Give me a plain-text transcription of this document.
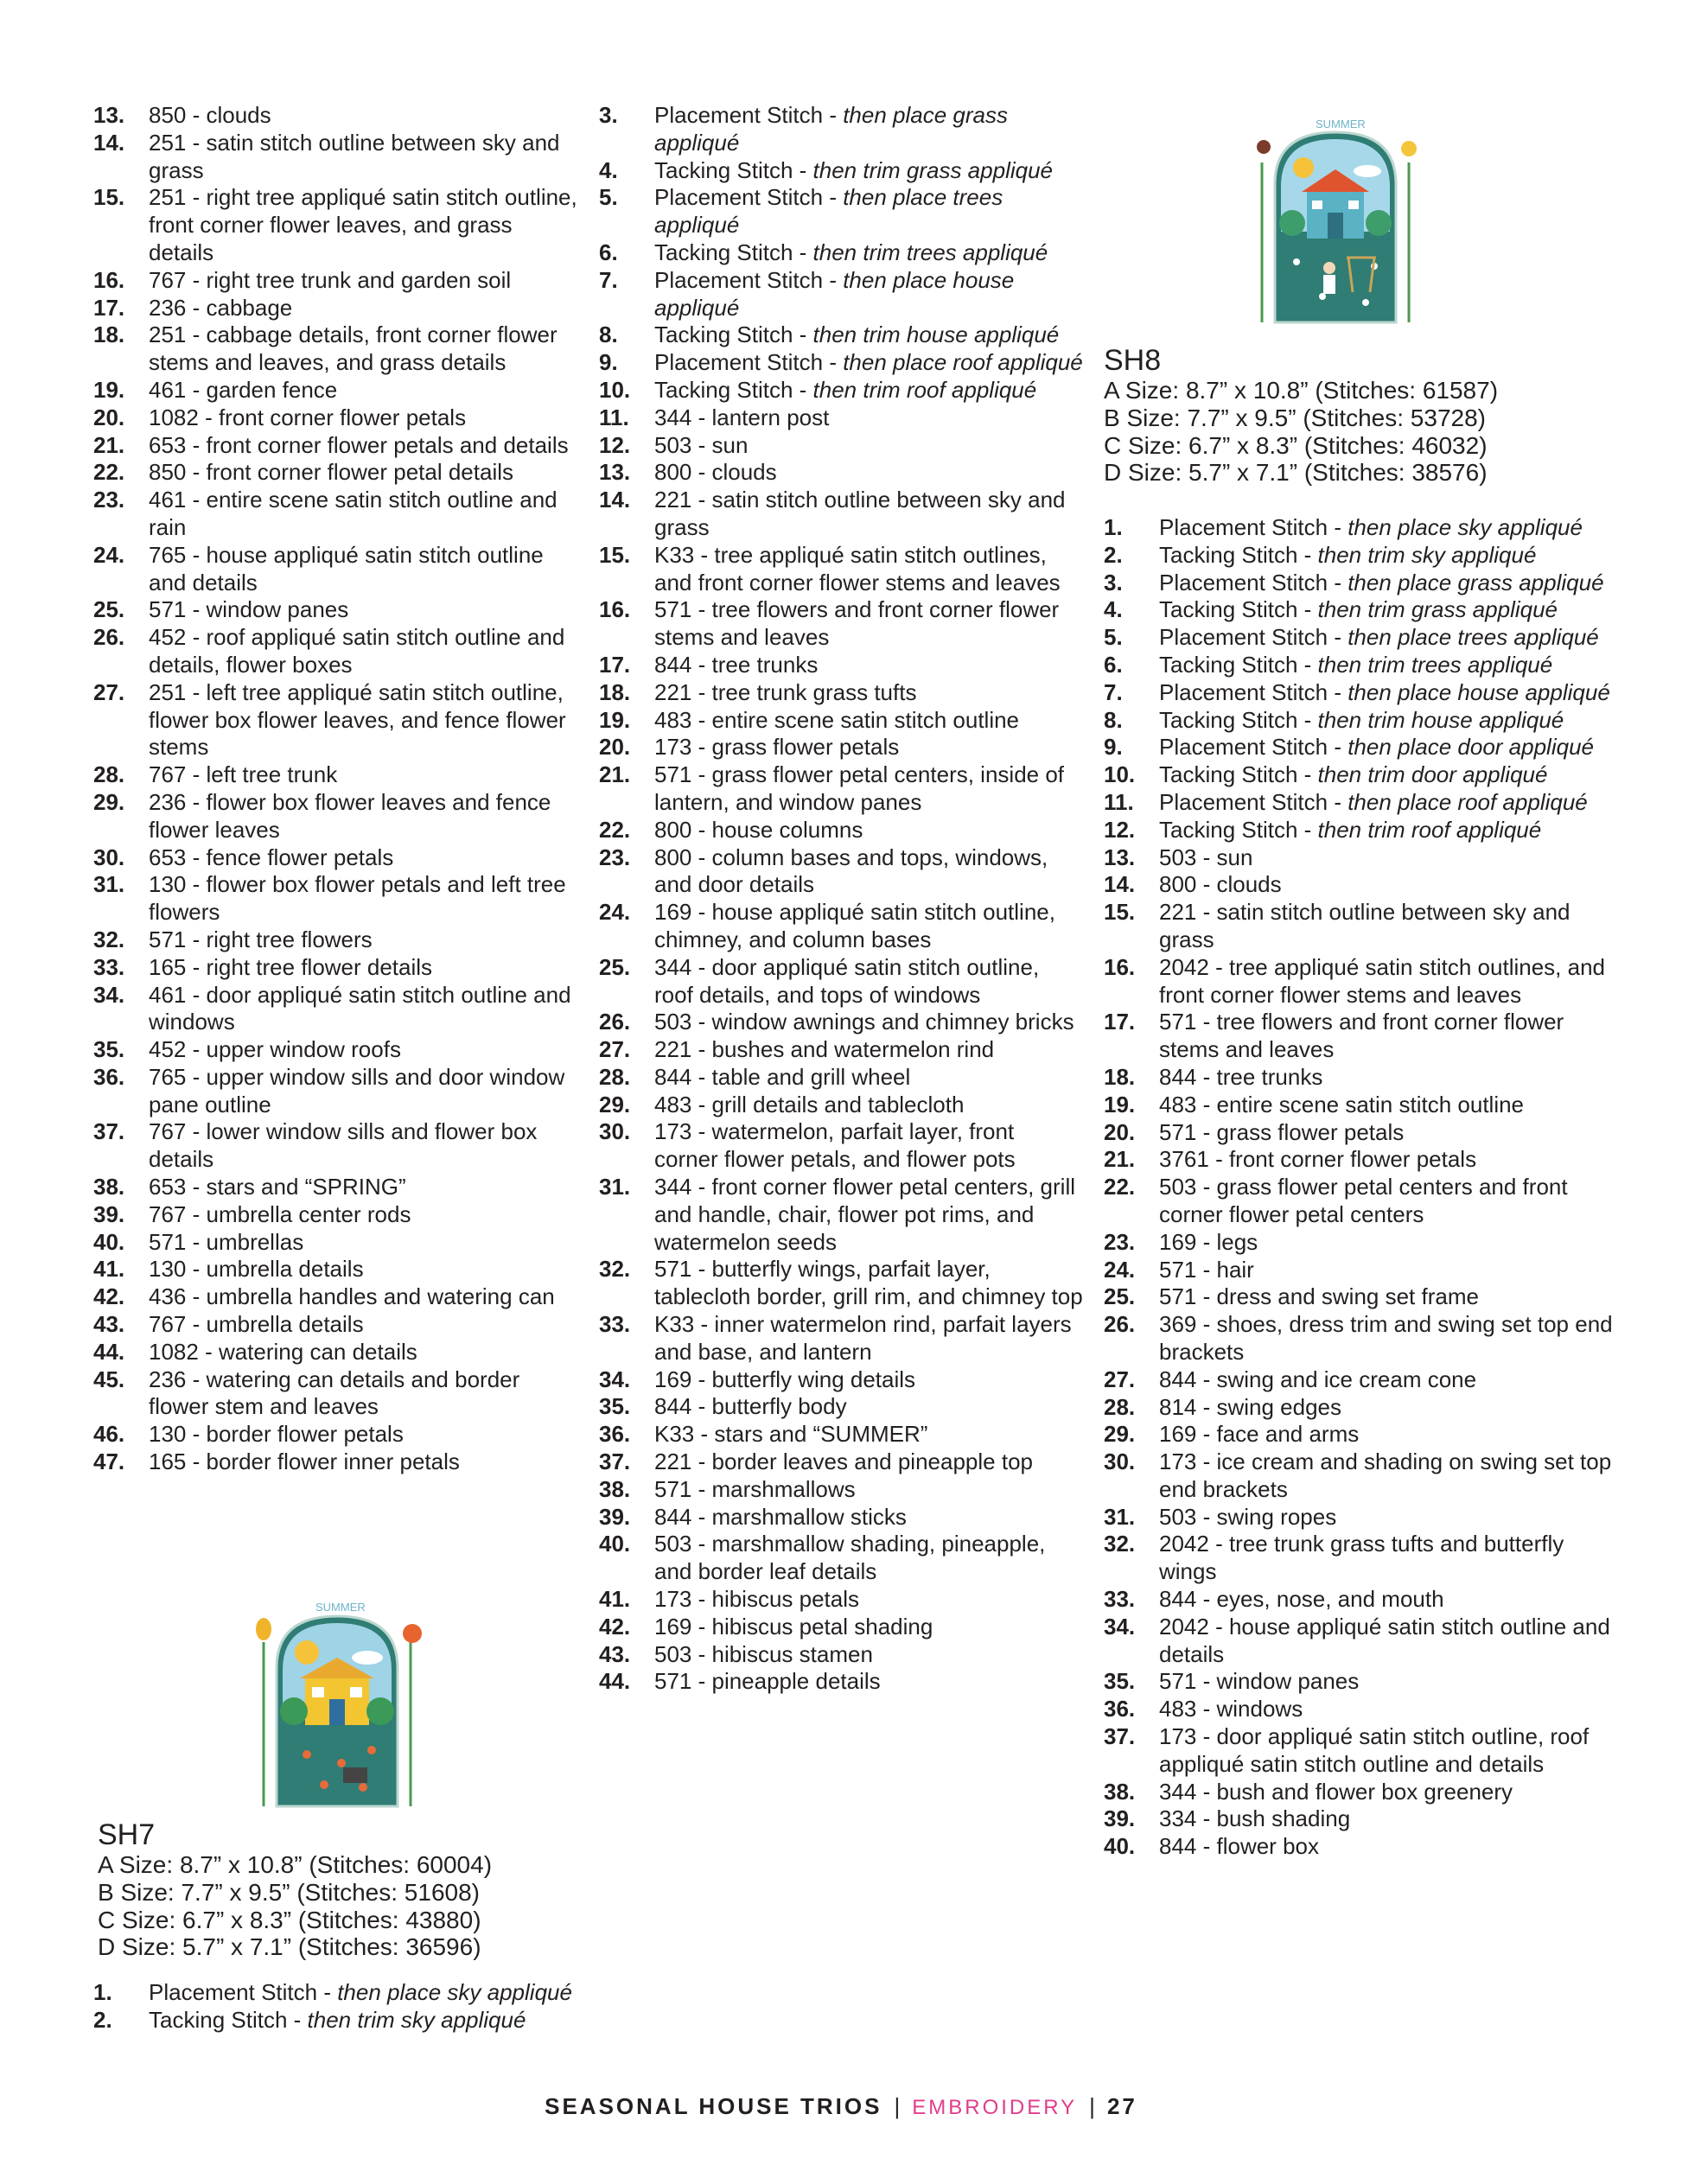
13.	850 - clouds
14.	251 - satin stitch outline between sky and grass
15.	251 - right tree appliqué satin stitch outline, front corner flower leaves, and grass details
16.	767 - right tree trunk and garden soil
17.	236 - cabbage
18.	251 - cabbage details, front corner flower stems and leaves, and grass details
19.	461 - garden fence
20.	1082 - front corner flower petals
21.	653 - front corner flower petals and details
22.	850 - front corner flower petal details
23.	461 - entire scene satin stitch outline and rain
24.	765 - house appliqué satin stitch outline and details
25.	571 - window panes
26.	452 - roof appliqué satin stitch outline and details, flower boxes
27.	251 - left tree appliqué satin stitch outline, flower box flower leaves, and fence flower stems
28.	767 - left tree trunk
29.	236 - flower box flower leaves and fence flower leaves
30.	653 - fence flower petals
31.	130 - flower box flower petals and left tree flowers
32.	571 - right tree flowers
33.	165 - right tree flower details
34.	461 - door appliqué satin stitch outline and windows
35.	452 - upper window roofs
36.	765 - upper window sills and door window pane outline
37.	767 - lower window sills and flower box details
38.	653 - stars and “SPRING”
39.	767 - umbrella center rods
40.	571 - umbrellas
41.	130 - umbrella details
42.	436 - umbrella handles and watering can
43.	767 - umbrella details
44.	1082 - watering can details
45.	236 - watering can details and border flower stem and leaves
46.	130 - border flower petals
47.	165 - border flower inner petals
SUMMER
SH7
A Size: 8.7” x 10.8” (Stitches: 60004)
B Size: 7.7” x 9.5” (Stitches: 51608)
C Size: 6.7” x 8.3” (Stitches: 43880)
D Size: 5.7” x 7.1” (Stitches: 36596)
1.	Placement Stitch - then place sky appliqué
2.	Tacking Stitch - then trim sky appliqué
3.	Placement Stitch - then place grass appliqué
4.	Tacking Stitch - then trim grass appliqué
5.	Placement Stitch - then place trees appliqué
6.	Tacking Stitch - then trim trees appliqué
7.	Placement Stitch - then place house appliqué
8.	Tacking Stitch - then trim house appliqué
9.	Placement Stitch - then place roof appliqué
10.	Tacking Stitch - then trim roof appliqué
11.	344 - lantern post
12.	503 - sun
13.	800 - clouds
14.	221 - satin stitch outline between sky and grass
15.	K33 - tree appliqué satin stitch outlines, and front corner flower stems and leaves
16.	571 - tree flowers and front corner flower stems and leaves
17.	844 - tree trunks
18.	221 - tree trunk grass tufts
19.	483 - entire scene satin stitch outline
20.	173 - grass flower petals
21.	571 - grass flower petal centers, inside of lantern, and window panes
22.	800 - house columns
23.	800 - column bases and tops, windows, and door details
24.	169 - house appliqué satin stitch outline, chimney, and column bases
25.	344 - door appliqué satin stitch outline, roof details, and tops of windows
26.	503 - window awnings and chimney bricks
27.	221 - bushes and watermelon rind
28.	844 - table and grill wheel
29.	483 - grill details and tablecloth
30.	173 - watermelon, parfait layer, front corner flower petals, and flower pots
31.	344 - front corner flower petal centers, grill and handle, chair, flower pot rims, and watermelon seeds
32.	571 - butterfly wings, parfait layer, tablecloth border, grill rim, and chimney top
33.	K33 - inner watermelon rind, parfait layers and base, and lantern
34.	169 - butterfly wing details
35.	844 - butterfly body
36.	K33 - stars and “SUMMER”
37.	221 - border leaves and pineapple top
38.	571 - marshmallows
39.	844 - marshmallow sticks
40.	503 - marshmallow shading, pineapple, and border leaf details
41.	173 - hibiscus petals
42.	169 - hibiscus petal shading
43.	503 - hibiscus stamen
44.	571 - pineapple details
SUMMER
SH8
A Size: 8.7” x 10.8” (Stitches: 61587)
B Size: 7.7” x 9.5” (Stitches: 53728)
C Size: 6.7” x 8.3” (Stitches: 46032)
D Size: 5.7” x 7.1” (Stitches: 38576)
1.	Placement Stitch - then place sky appliqué
2.	Tacking Stitch - then trim sky appliqué
3.	Placement Stitch - then place grass appliqué
4.	Tacking Stitch - then trim grass appliqué
5.	Placement Stitch - then place trees appliqué
6.	Tacking Stitch - then trim trees appliqué
7.	Placement Stitch - then place house appliqué
8.	Tacking Stitch - then trim house appliqué
9.	Placement Stitch - then place door appliqué
10.	Tacking Stitch - then trim door appliqué
11.	Placement Stitch - then place roof appliqué
12.	Tacking Stitch - then trim roof appliqué
13.	503 - sun
14.	800 - clouds
15.	221 - satin stitch outline between sky and grass
16.	2042 - tree appliqué satin stitch outlines, and front corner flower stems and leaves
17.	571 - tree flowers and front corner flower stems and leaves
18.	844 - tree trunks
19.	483 - entire scene satin stitch outline
20.	571 - grass flower petals
21.	3761 - front corner flower petals
22.	503 - grass flower petal centers and front corner flower petal centers
23.	169 - legs
24.	571 - hair
25.	571 - dress and swing set frame
26.	369 - shoes, dress trim and swing set top end brackets
27.	844 - swing and ice cream cone
28.	814 - swing edges
29.	169 - face and arms
30.	173 - ice cream and shading on swing set top end brackets
31.	503 - swing ropes
32.	2042 - tree trunk grass tufts and butterfly wings
33.	844 - eyes, nose, and mouth
34.	2042 - house appliqué satin stitch outline and details
35.	571 - window panes
36.	483 - windows
37.	173 - door appliqué satin stitch outline, roof appliqué satin stitch outline and details
38.	344 - bush and flower box greenery
39.	334 - bush shading
40.	844 - flower box
SEASONAL HOUSE TRIOS | EMBROIDERY | 27
